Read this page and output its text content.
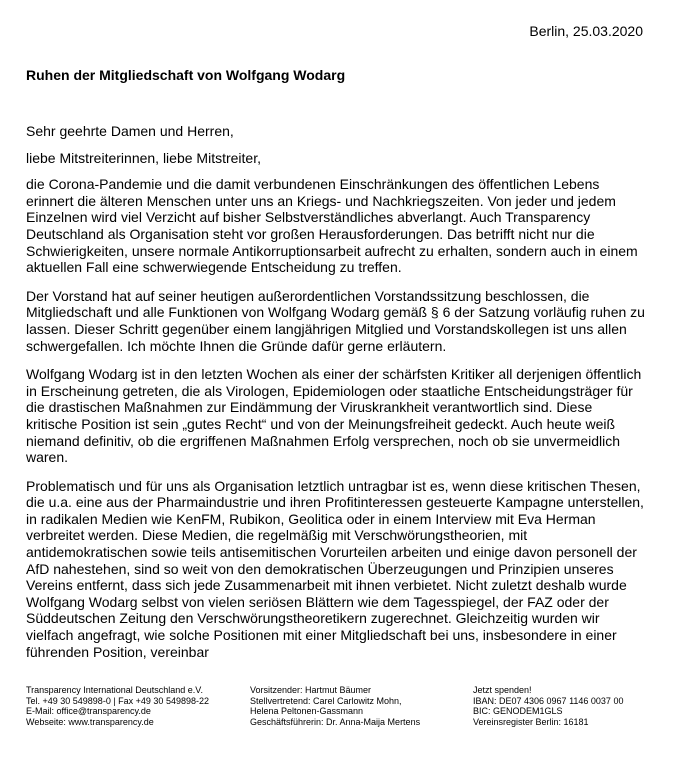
Berlin, 25.03.2020
Ruhen der Mitgliedschaft von Wolfgang Wodarg

Sehr geehrte Damen und Herren,

liebe Mitstreiterinnen, liebe Mitstreiter,

die Corona-Pandemie und die damit verbundenen Einschränkungen des öffentlichen Lebens erinnert die älteren Menschen unter uns an Kriegs- und Nachkriegszeiten. Von jeder und jedem Einzelnen wird viel Verzicht auf bisher Selbstverständliches abverlangt. Auch Transparency Deutschland als Organisation steht vor großen Herausforderungen. Das betrifft nicht nur die Schwierigkeiten, unsere normale Antikorruptionsarbeit aufrecht zu erhalten, sondern auch in einem aktuellen Fall eine schwerwiegende Entscheidung zu treffen.

Der Vorstand hat auf seiner heutigen außerordentlichen Vorstandssitzung beschlossen, die Mitgliedschaft und alle Funktionen von Wolfgang Wodarg gemäß § 6 der Satzung vorläufig ruhen zu lassen. Dieser Schritt gegenüber einem langjährigen Mitglied und Vorstandskollegen ist uns allen schwergefallen. Ich möchte Ihnen die Gründe dafür gerne erläutern.

Wolfgang Wodarg ist in den letzten Wochen als einer der schärfsten Kritiker all derjenigen öffentlich in Erscheinung getreten, die als Virologen, Epidemiologen oder staatliche Entscheidungsträger für die drastischen Maßnahmen zur Eindämmung der Viruskrankheit verantwortlich sind. Diese kritische Position ist sein „gutes Recht“ und von der Meinungsfreiheit gedeckt. Auch heute weiß niemand definitiv, ob die ergriffenen Maßnahmen Erfolg versprechen, noch ob sie unvermeidlich waren.

Problematisch und für uns als Organisation letztlich untragbar ist es, wenn diese kritischen Thesen, die u.a. eine aus der Pharmaindustrie und ihren Profitinteressen gesteuerte Kampagne unterstellen, in radikalen Medien wie KenFM, Rubikon, Geolitica oder in einem Interview mit Eva Herman verbreitet werden. Diese Medien, die regelmäßig mit Verschwörungstheorien, mit antidemokratischen sowie teils antisemitischen Vorurteilen arbeiten und einige davon personell der AfD nahestehen, sind so weit von den demokratischen Überzeugungen und Prinzipien unseres Vereins entfernt, dass sich jede Zusammenarbeit mit ihnen verbietet. Nicht zuletzt deshalb wurde Wolfgang Wodarg selbst von vielen seriösen Blättern wie dem Tagesspiegel, der FAZ oder der Süddeutschen Zeitung den Verschwörungstheoretikern zugerechnet. Gleichzeitig wurden wir vielfach angefragt, wie solche Positionen mit einer Mitgliedschaft bei uns, insbesondere in einer führenden Position, vereinbar

Transparency International Deutschland e.V.
Tel. +49 30 549898-0 | Fax +49 30 549898-22
E-Mail: office@transparency.de
Webseite: www.transparency.de
Vorsitzender: Hartmut Bäumer
Stellvertretend: Carel Carlowitz Mohn,
Helena Peltonen-Gassmann
Geschäftsführerin: Dr. Anna-Maija Mertens
Jetzt spenden!
IBAN: DE07 4306 0967 1146 0037 00
BIC: GENODEM1GLS
Vereinsregister Berlin: 16181
